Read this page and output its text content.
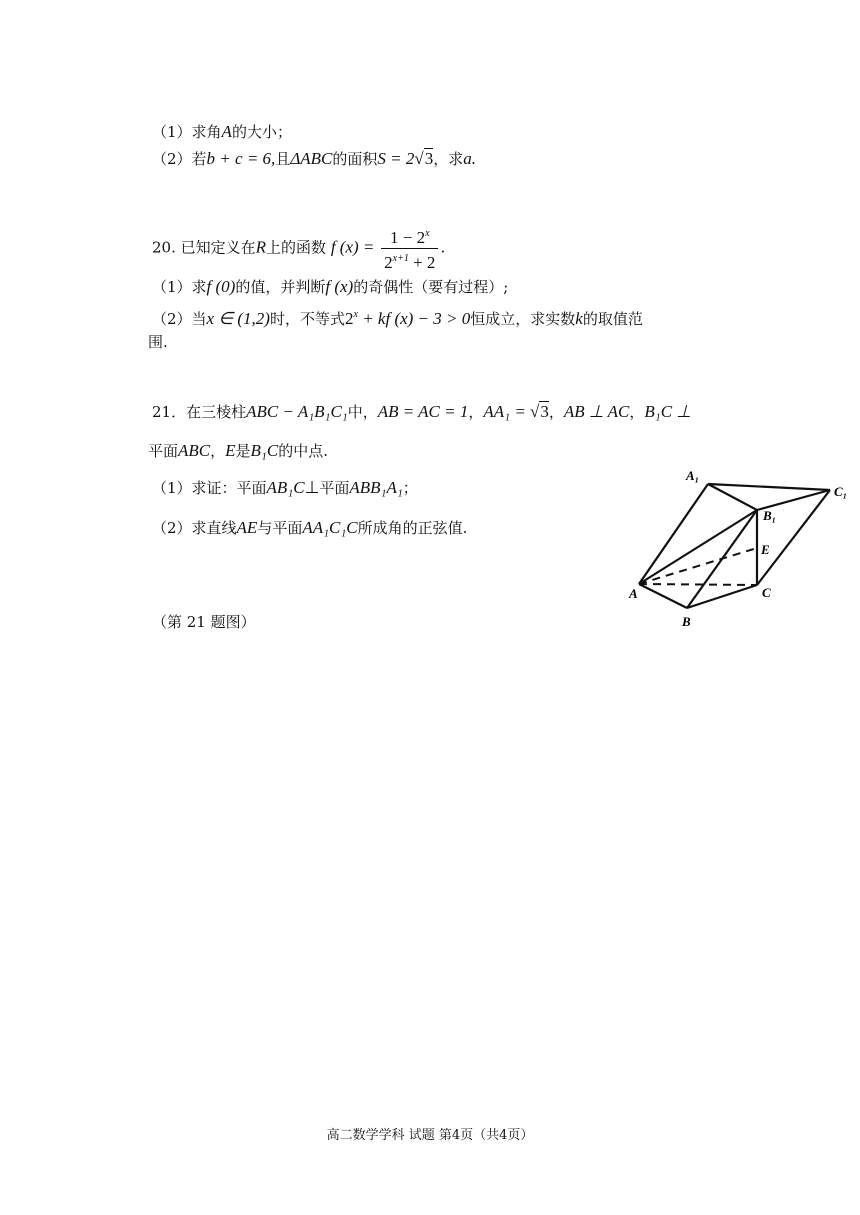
（1）求角A的大小；
（2）若b + c = 6,且ΔABC的面积S = 2√3，求a.
20. 已知定义在R上的函数 f $(x) = \frac{1 - 2^x}{2^{x+1} + 2}$ .
（1）求f (0)的值，并判断f (x)的奇偶性（要有过程）;
（2）当x ∈ (1,2)时，不等式$2^x$ + kf (x) − 3 > 0恒成立，求实数k的取值范
围.
21．在三棱柱ABC − A₁B₁C₁中，AB = AC = 1，AA₁ = √3，AB ⊥ AC，B₁C ⊥
平面ABC，E是B₁C的中点.
（1）求证：平面AB₁C⊥平面ABB₁A₁；
（2）求直线AE与平面AA₁C₁C所成角的正弦值.
（第 21 题图）
A₁
C₁
B₁
E
A	C
B
高二数学学科 试题 第4页（共4页）
